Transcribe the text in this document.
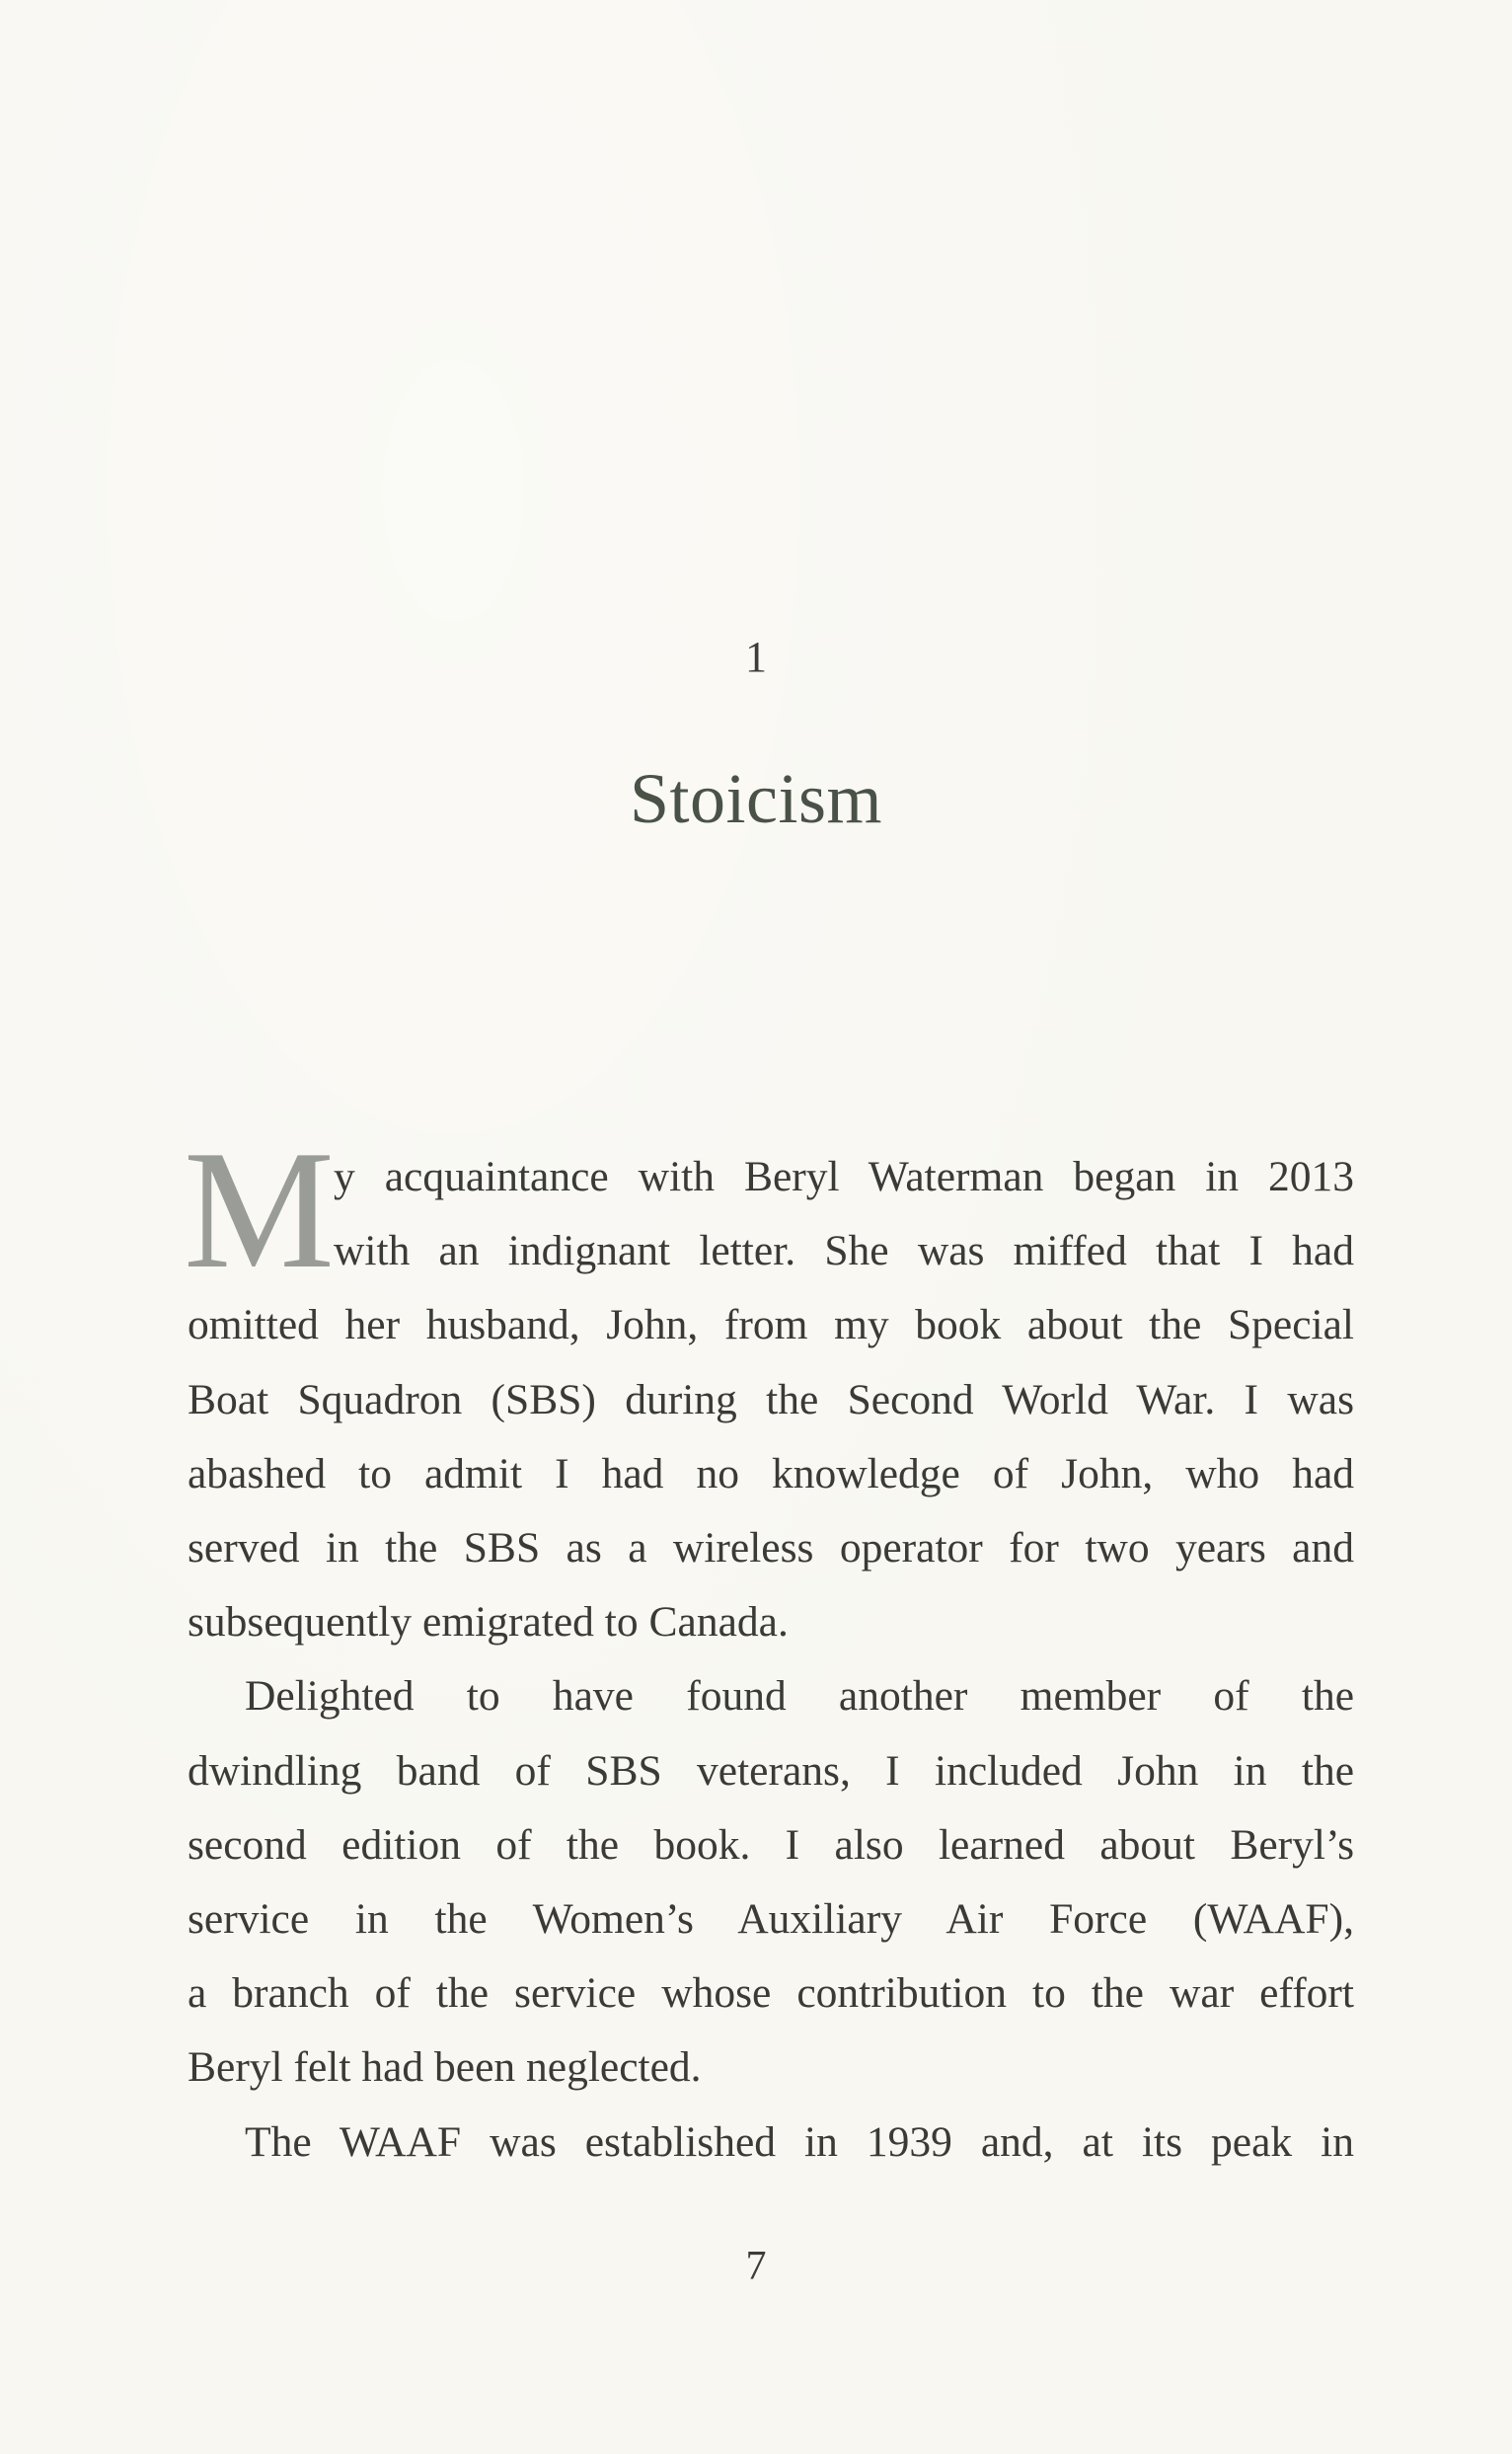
1
Stoicism
M y acquaintance with Beryl Waterman began in 2013
with an indignant letter. She was miffed that I had
omitted her husband, John, from my book about the Special
Boat Squadron (SBS) during the Second World War. I was
abashed to admit I had no knowledge of John, who had
served in the SBS as a wireless operator for two years and
subsequently emigrated to Canada.
Delighted to have found another member of the
dwindling band of SBS veterans, I included John in the
second edition of the book. I also learned about Beryl’s
service in the Women’s Auxiliary Air Force (WAAF),
a branch of the service whose contribution to the war effort
Beryl felt had been neglected.
The WAAF was established in 1939 and, at its peak in
7
